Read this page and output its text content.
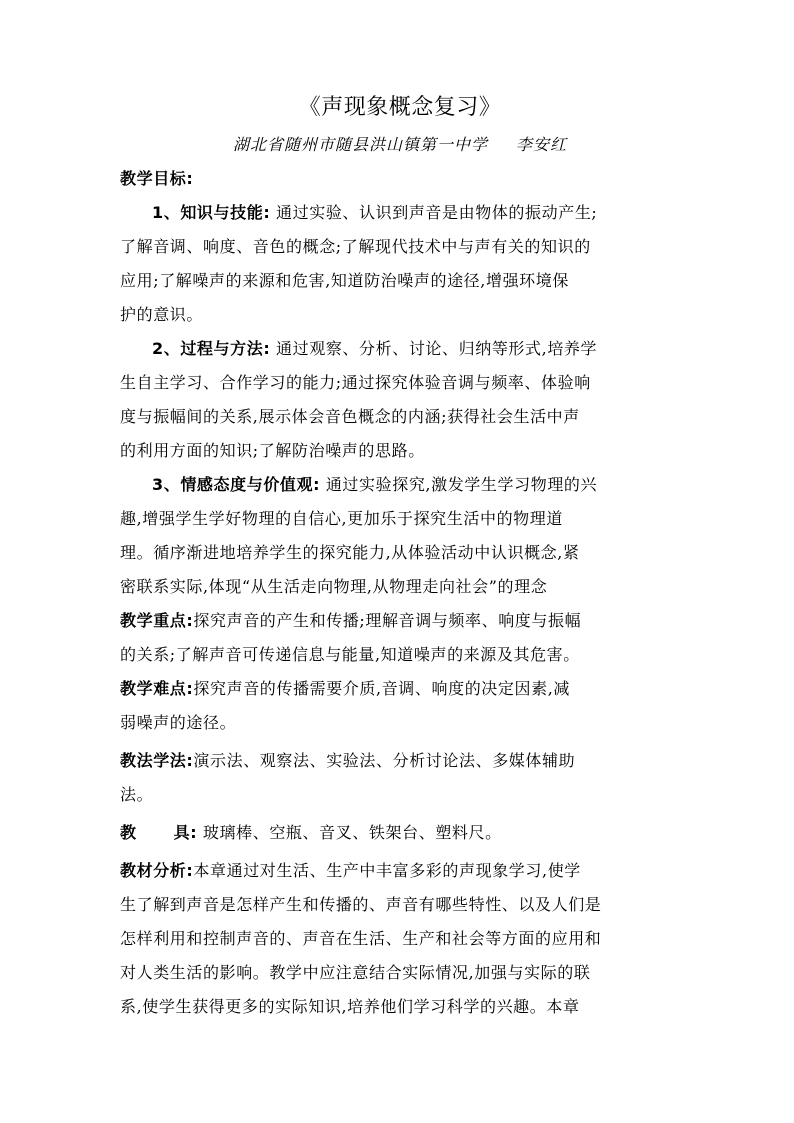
《声现象概念复习》
湖北省随州市随县洪山镇第一中学 李安红
教学目标:
1、知识与技能: 通过实验、认识到声音是由物体的振动产生;
了解音调、响度、音色的概念;了解现代技术中与声有关的知识的
应用;了解噪声的来源和危害,知道防治噪声的途径,增强环境保
护的意识。
2、过程与方法: 通过观察、分析、讨论、归纳等形式,培养学
生自主学习、合作学习的能力;通过探究体验音调与频率、体验响
度与振幅间的关系,展示体会音色概念的内涵;获得社会生活中声
的利用方面的知识;了解防治噪声的思路。
3、情感态度与价值观: 通过实验探究,激发学生学习物理的兴
趣,增强学生学好物理的自信心,更加乐于探究生活中的物理道
理。循序渐进地培养学生的探究能力,从体验活动中认识概念,紧
密联系实际,体现“从生活走向物理,从物理走向社会”的理念
教学重点:探究声音的产生和传播;理解音调与频率、响度与振幅
的关系;了解声音可传递信息与能量,知道噪声的来源及其危害。
教学难点:探究声音的传播需要介质,音调、响度的决定因素,减
弱噪声的途径。
教法学法:演示法、观察法、实验法、分析讨论法、多媒体辅助
法。
教      具: 玻璃棒、空瓶、音叉、铁架台、塑料尺。
教材分析:本章通过对生活、生产中丰富多彩的声现象学习,使学
生了解到声音是怎样产生和传播的、声音有哪些特性、以及人们是
怎样利用和控制声音的、声音在生活、生产和社会等方面的应用和
对人类生活的影响。教学中应注意结合实际情况,加强与实际的联
系,使学生获得更多的实际知识,培养他们学习科学的兴趣。本章
